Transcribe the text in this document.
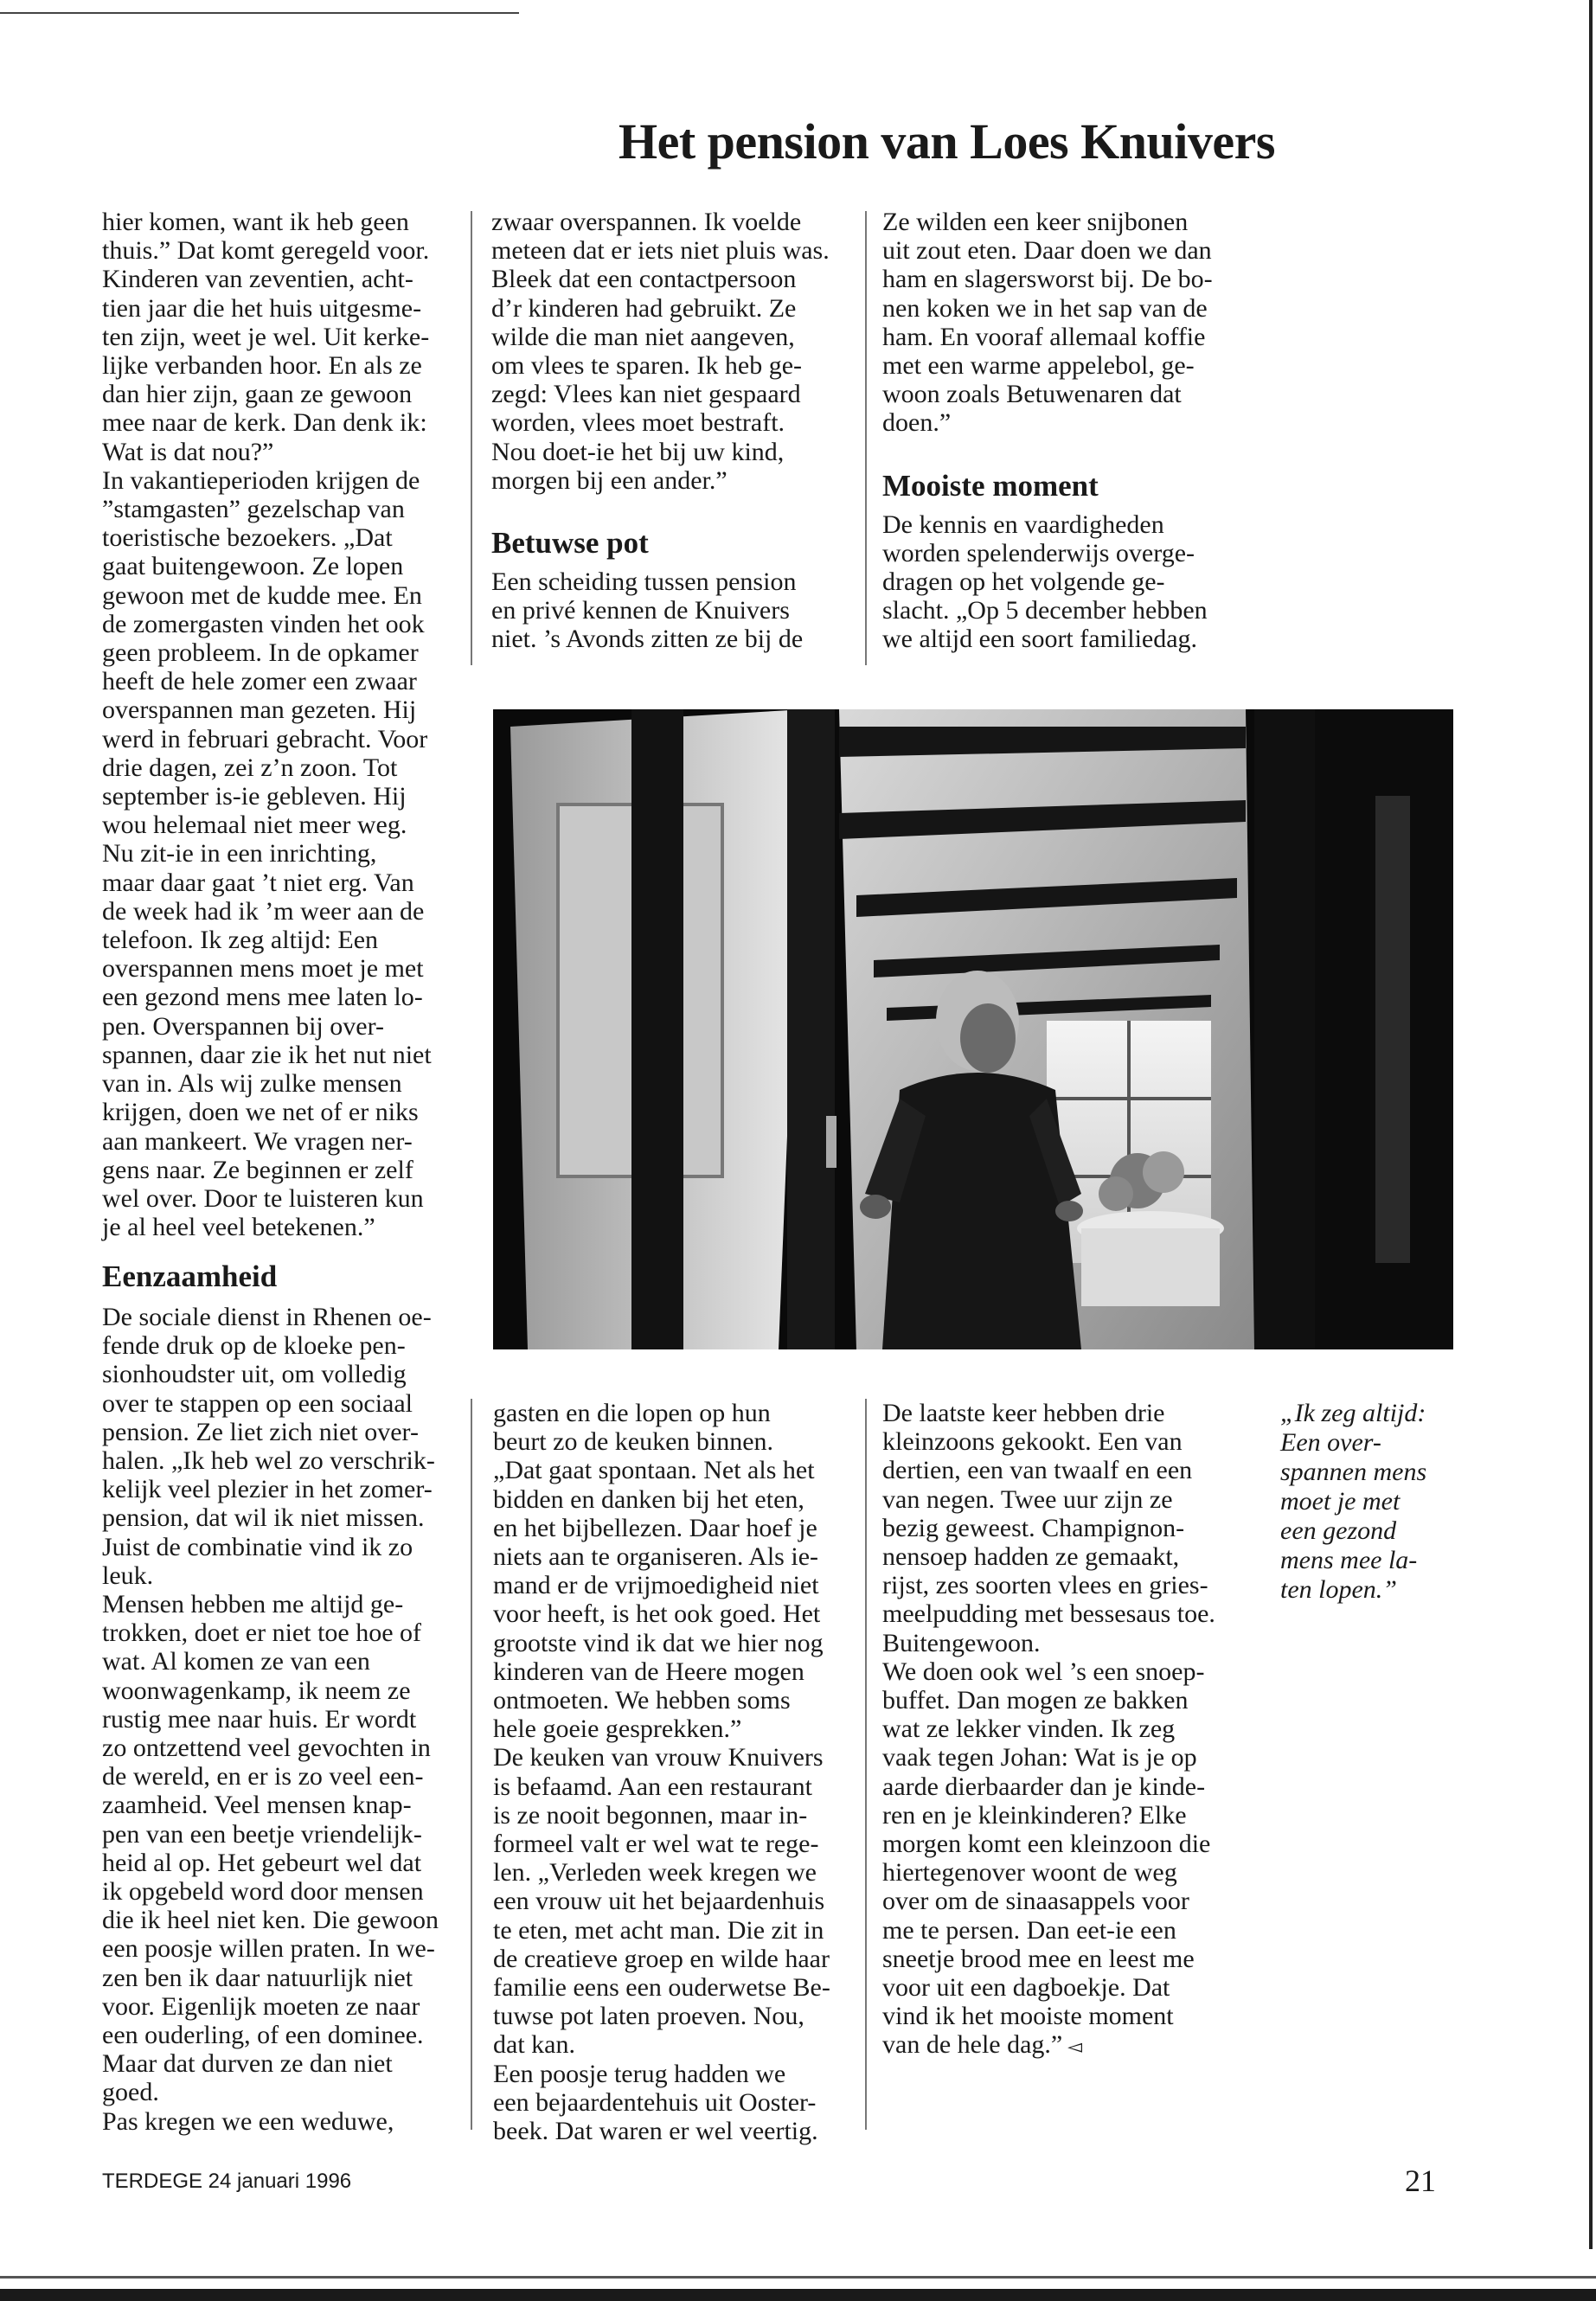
Het pension van Loes Knuivers

hier komen, want ik heb geen

thuis.” Dat komt geregeld voor.

Kinderen van zeventien, acht-

tien jaar die het huis uitgesme-

ten zijn, weet je wel. Uit kerke-

lijke verbanden hoor. En als ze

dan hier zijn, gaan ze gewoon

mee naar de kerk. Dan denk ik:

Wat is dat nou?”

In vakantieperioden krijgen de

”stamgasten” gezelschap van

toeristische bezoekers. „Dat

gaat buitengewoon. Ze lopen

gewoon met de kudde mee. En

de zomergasten vinden het ook

geen probleem. In de opkamer

heeft de hele zomer een zwaar

overspannen man gezeten. Hij

werd in februari gebracht. Voor

drie dagen, zei z’n zoon. Tot

september is-ie gebleven. Hij

wou helemaal niet meer weg.

Nu zit-ie in een inrichting,

maar daar gaat ’t niet erg. Van

de week had ik ’m weer aan de

telefoon. Ik zeg altijd: Een

overspannen mens moet je met

een gezond mens mee laten lo-

pen. Overspannen bij over-

spannen, daar zie ik het nut niet

van in. Als wij zulke mensen

krijgen, doen we net of er niks

aan mankeert. We vragen ner-

gens naar. Ze beginnen er zelf

wel over. Door te luisteren kun

je al heel veel betekenen.”

zwaar overspannen. Ik voelde

meteen dat er iets niet pluis was.

Bleek dat een contactpersoon

d’r kinderen had gebruikt. Ze

wilde die man niet aangeven,

om vlees te sparen. Ik heb ge-

zegd: Vlees kan niet gespaard

worden, vlees moet bestraft.

Nou doet-ie het bij uw kind,

morgen bij een ander.”

Betuwse pot

Een scheiding tussen pension

en privé kennen de Knuivers

niet. ’s Avonds zitten ze bij de

Ze wilden een keer snijbonen

uit zout eten. Daar doen we dan

ham en slagersworst bij. De bo-

nen koken we in het sap van de

ham. En vooraf allemaal koffie

met een warme appelebol, ge-

woon zoals Betuwenaren dat

doen.”

Mooiste moment

De kennis en vaardigheden

worden spelenderwijs overge-

dragen op het volgende ge-

slacht. „Op 5 december hebben

we altijd een soort familiedag.

Eenzaamheid

De sociale dienst in Rhenen oe-

fende druk op de kloeke pen-

sionhoudster uit, om volledig

over te stappen op een sociaal

pension. Ze liet zich niet over-

halen. „Ik heb wel zo verschrik-

kelijk veel plezier in het zomer-

pension, dat wil ik niet missen.

Juist de combinatie vind ik zo

leuk.

Mensen hebben me altijd ge-

trokken, doet er niet toe hoe of

wat. Al komen ze van een

woonwagenkamp, ik neem ze

rustig mee naar huis. Er wordt

zo ontzettend veel gevochten in

de wereld, en er is zo veel een-

zaamheid. Veel mensen knap-

pen van een beetje vriendelijk-

heid al op. Het gebeurt wel dat

ik opgebeld word door mensen

die ik heel niet ken. Die gewoon

een poosje willen praten. In we-

zen ben ik daar natuurlijk niet

voor. Eigenlijk moeten ze naar

een ouderling, of een dominee.

Maar dat durven ze dan niet

goed.

Pas kregen we een weduwe,

gasten en die lopen op hun

beurt zo de keuken binnen.

„Dat gaat spontaan. Net als het

bidden en danken bij het eten,

en het bijbellezen. Daar hoef je

niets aan te organiseren. Als ie-

mand er de vrijmoedigheid niet

voor heeft, is het ook goed. Het

grootste vind ik dat we hier nog

kinderen van de Heere mogen

ontmoeten. We hebben soms

hele goeie gesprekken.”

De keuken van vrouw Knuivers

is befaamd. Aan een restaurant

is ze nooit begonnen, maar in-

formeel valt er wel wat te rege-

len. „Verleden week kregen we

een vrouw uit het bejaardenhuis

te eten, met acht man. Die zit in

de creatieve groep en wilde haar

familie eens een ouderwetse Be-

tuwse pot laten proeven. Nou,

dat kan.

Een poosje terug hadden we

een bejaardentehuis uit Ooster-

beek. Dat waren er wel veertig.

De laatste keer hebben drie

kleinzoons gekookt. Een van

dertien, een van twaalf en een

van negen. Twee uur zijn ze

bezig geweest. Champignon-

nensoep hadden ze gemaakt,

rijst, zes soorten vlees en gries-

meelpudding met bessesaus toe.

Buitengewoon.

We doen ook wel ’s een snoep-

buffet. Dan mogen ze bakken

wat ze lekker vinden. Ik zeg

vaak tegen Johan: Wat is je op

aarde dierbaarder dan je kinde-

ren en je kleinkinderen? Elke

morgen komt een kleinzoon die

hiertegenover woont de weg

over om de sinaasappels voor

me te persen. Dan eet-ie een

sneetje brood mee en leest me

voor uit een dagboekje. Dat

vind ik het mooiste moment

van de hele dag.” ◅

„Ik zeg altijd:
Een over-
spannen mens
moet je met
een gezond
mens mee la-
ten lopen.”
TERDEGE 24 januari 1996	21
